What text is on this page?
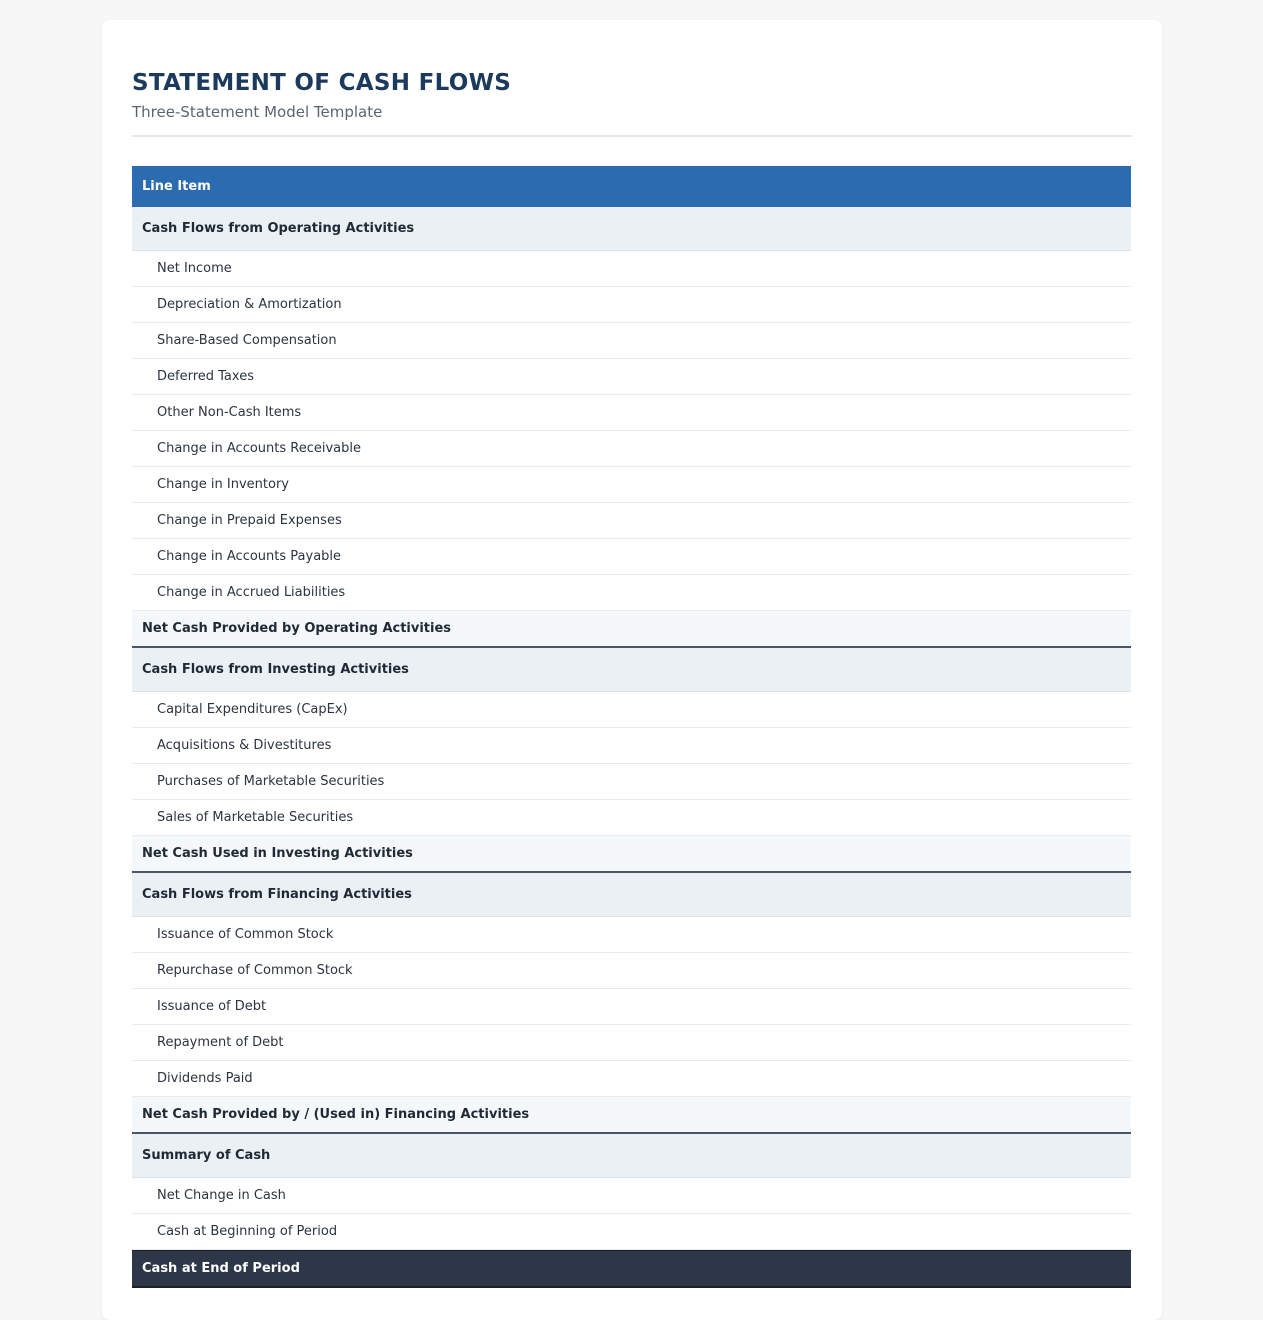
STATEMENT OF CASH FLOWS
Three-Statement Model Template
Line Item
Cash Flows from Operating Activities
Net Income
Depreciation & Amortization
Share-Based Compensation
Deferred Taxes
Other Non-Cash Items
Change in Accounts Receivable
Change in Inventory
Change in Prepaid Expenses
Change in Accounts Payable
Change in Accrued Liabilities
Net Cash Provided by Operating Activities
Cash Flows from Investing Activities
Capital Expenditures (CapEx)
Acquisitions & Divestitures
Purchases of Marketable Securities
Sales of Marketable Securities
Net Cash Used in Investing Activities
Cash Flows from Financing Activities
Issuance of Common Stock
Repurchase of Common Stock
Issuance of Debt
Repayment of Debt
Dividends Paid
Net Cash Provided by / (Used in) Financing Activities
Summary of Cash
Net Change in Cash
Cash at Beginning of Period
Cash at End of Period
